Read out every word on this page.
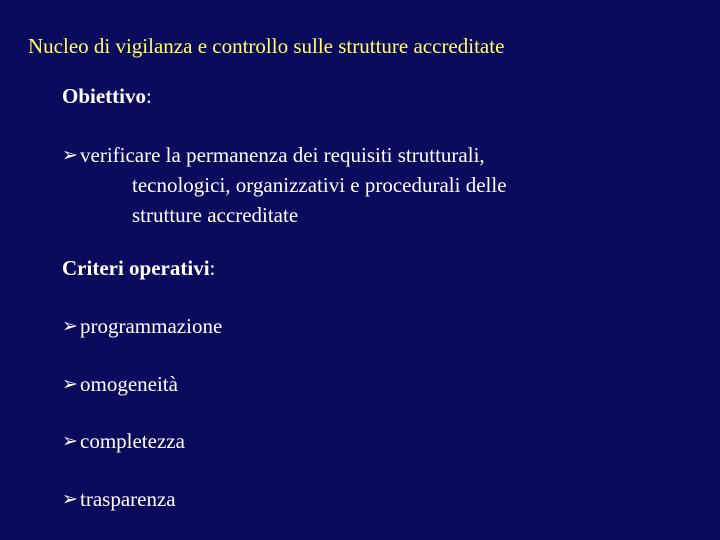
Nucleo di vigilanza e controllo sulle strutture accreditate
Obiettivo:
➢ verificare la permanenza dei requisiti strutturali,
tecnologici, organizzativi e procedurali delle
strutture accreditate
Criteri operativi:
➢ programmazione
➢ omogeneità
➢ completezza
➢ trasparenza
